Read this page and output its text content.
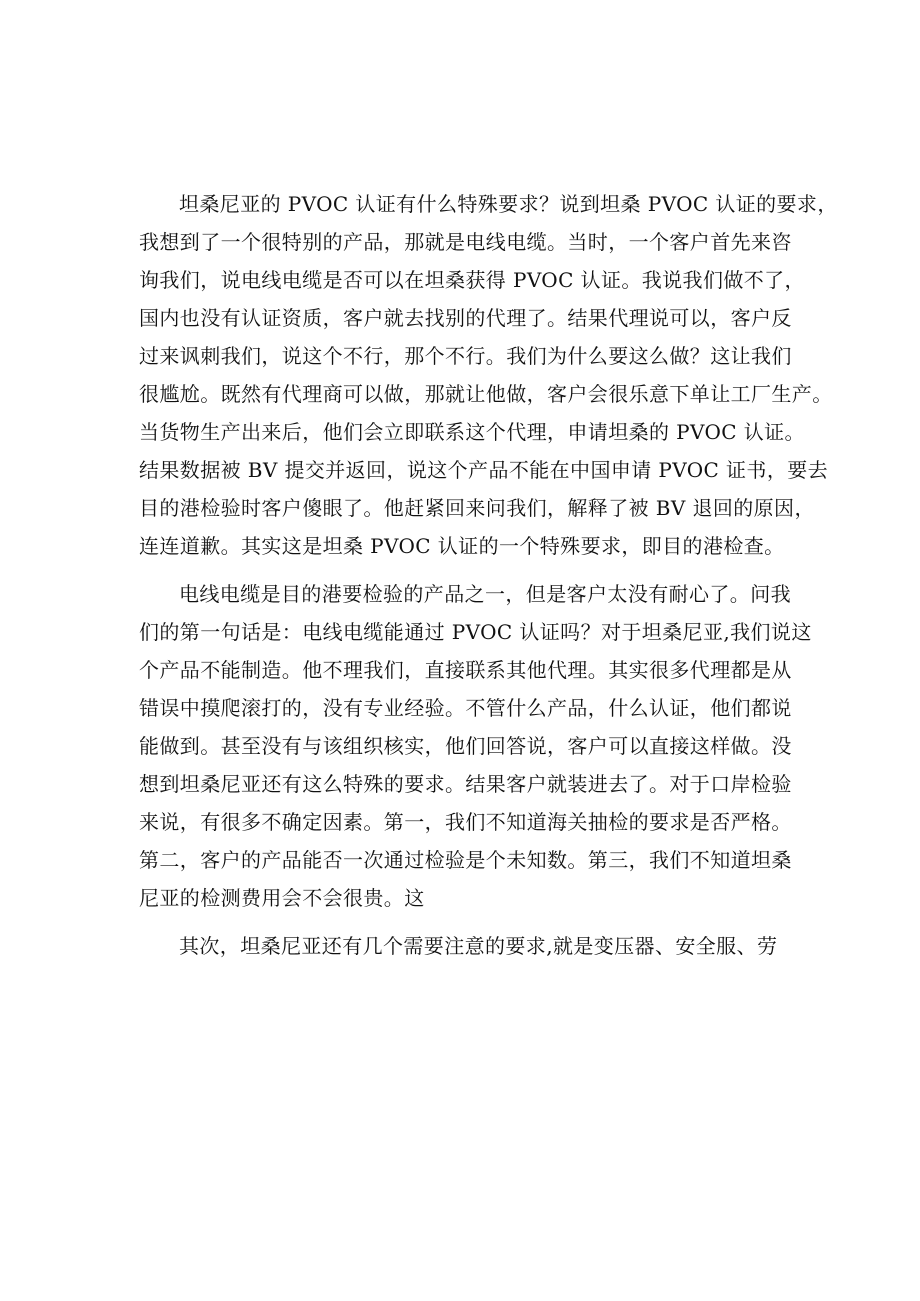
坦桑尼亚的 PVOC 认证有什么特殊要求？说到坦桑 PVOC 认证的要求，
我想到了一个很特别的产品，那就是电线电缆。当时，一个客户首先来咨
询我们，说电线电缆是否可以在坦桑获得 PVOC 认证。我说我们做不了，
国内也没有认证资质，客户就去找别的代理了。结果代理说可以，客户反
过来讽刺我们，说这个不行，那个不行。我们为什么要这么做？这让我们
很尴尬。既然有代理商可以做，那就让他做，客户会很乐意下单让工厂生产。
当货物生产出来后，他们会立即联系这个代理，申请坦桑的 PVOC 认证。
结果数据被 BV 提交并返回，说这个产品不能在中国申请 PVOC 证书，要去
目的港检验时客户傻眼了。他赶紧回来问我们，解释了被 BV 退回的原因，
连连道歉。其实这是坦桑 PVOC 认证的一个特殊要求，即目的港检查。
电线电缆是目的港要检验的产品之一，但是客户太没有耐心了。问我
们的第一句话是：电线电缆能通过 PVOC 认证吗？对于坦桑尼亚,我们说这
个产品不能制造。他不理我们，直接联系其他代理。其实很多代理都是从
错误中摸爬滚打的，没有专业经验。不管什么产品，什么认证，他们都说
能做到。甚至没有与该组织核实，他们回答说，客户可以直接这样做。没
想到坦桑尼亚还有这么特殊的要求。结果客户就装进去了。对于口岸检验
来说，有很多不确定因素。第一，我们不知道海关抽检的要求是否严格。
第二，客户的产品能否一次通过检验是个未知数。第三，我们不知道坦桑
尼亚的检测费用会不会很贵。这
其次，坦桑尼亚还有几个需要注意的要求,就是变压器、安全服、劳
